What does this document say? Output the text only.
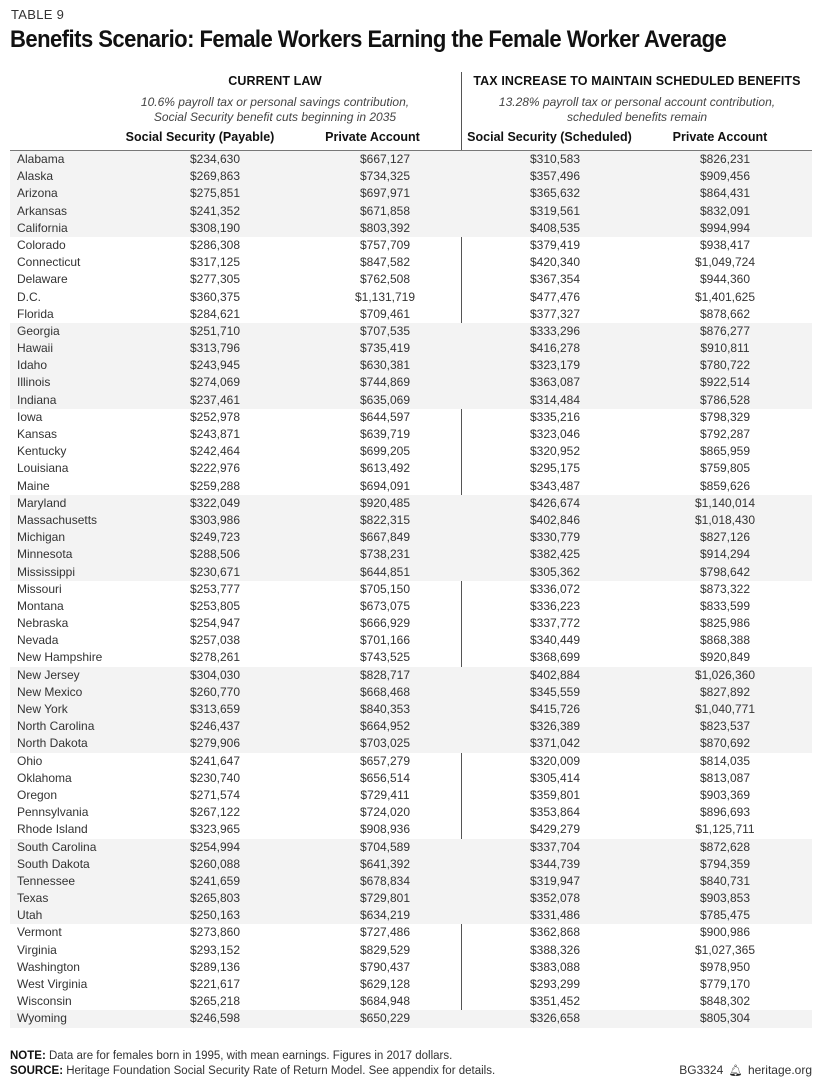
TABLE 9
Benefits Scenario: Female Workers Earning the Female Worker Average
CURRENT LAW
10.6% payroll tax or personal savings contribution,
Social Security benefit cuts beginning in 2035
TAX INCREASE TO MAINTAIN SCHEDULED BENEFITS
13.28% payroll tax or personal account contribution,
scheduled benefits remain
Social Security (Payable)	Private Account	Social Security (Scheduled)	Private Account
Alabama	$234,630	$667,127	$310,583	$826,231
Alaska	$269,863	$734,325	$357,496	$909,456
Arizona	$275,851	$697,971	$365,632	$864,431
Arkansas	$241,352	$671,858	$319,561	$832,091
California	$308,190	$803,392	$408,535	$994,994
Colorado	$286,308	$757,709	$379,419	$938,417
Connecticut	$317,125	$847,582	$420,340	$1,049,724
Delaware	$277,305	$762,508	$367,354	$944,360
D.C.	$360,375	$1,131,719	$477,476	$1,401,625
Florida	$284,621	$709,461	$377,327	$878,662
Georgia	$251,710	$707,535	$333,296	$876,277
Hawaii	$313,796	$735,419	$416,278	$910,811
Idaho	$243,945	$630,381	$323,179	$780,722
Illinois	$274,069	$744,869	$363,087	$922,514
Indiana	$237,461	$635,069	$314,484	$786,528
Iowa	$252,978	$644,597	$335,216	$798,329
Kansas	$243,871	$639,719	$323,046	$792,287
Kentucky	$242,464	$699,205	$320,952	$865,959
Louisiana	$222,976	$613,492	$295,175	$759,805
Maine	$259,288	$694,091	$343,487	$859,626
Maryland	$322,049	$920,485	$426,674	$1,140,014
Massachusetts	$303,986	$822,315	$402,846	$1,018,430
Michigan	$249,723	$667,849	$330,779	$827,126
Minnesota	$288,506	$738,231	$382,425	$914,294
Mississippi	$230,671	$644,851	$305,362	$798,642
Missouri	$253,777	$705,150	$336,072	$873,322
Montana	$253,805	$673,075	$336,223	$833,599
Nebraska	$254,947	$666,929	$337,772	$825,986
Nevada	$257,038	$701,166	$340,449	$868,388
New Hampshire	$278,261	$743,525	$368,699	$920,849
New Jersey	$304,030	$828,717	$402,884	$1,026,360
New Mexico	$260,770	$668,468	$345,559	$827,892
New York	$313,659	$840,353	$415,726	$1,040,771
North Carolina	$246,437	$664,952	$326,389	$823,537
North Dakota	$279,906	$703,025	$371,042	$870,692
Ohio	$241,647	$657,279	$320,009	$814,035
Oklahoma	$230,740	$656,514	$305,414	$813,087
Oregon	$271,574	$729,411	$359,801	$903,369
Pennsylvania	$267,122	$724,020	$353,864	$896,693
Rhode Island	$323,965	$908,936	$429,279	$1,125,711
South Carolina	$254,994	$704,589	$337,704	$872,628
South Dakota	$260,088	$641,392	$344,739	$794,359
Tennessee	$241,659	$678,834	$319,947	$840,731
Texas	$265,803	$729,801	$352,078	$903,853
Utah	$250,163	$634,219	$331,486	$785,475
Vermont	$273,860	$727,486	$362,868	$900,986
Virginia	$293,152	$829,529	$388,326	$1,027,365
Washington	$289,136	$790,437	$383,088	$978,950
West Virginia	$221,617	$629,128	$293,299	$779,170
Wisconsin	$265,218	$684,948	$351,452	$848,302
Wyoming	$246,598	$650,229	$326,658	$805,304
NOTE: Data are for females born in 1995, with mean earnings. Figures in 2017 dollars.
SOURCE: Heritage Foundation Social Security Rate of Return Model. See appendix for details.	BG3324 🔔︎ heritage.org
